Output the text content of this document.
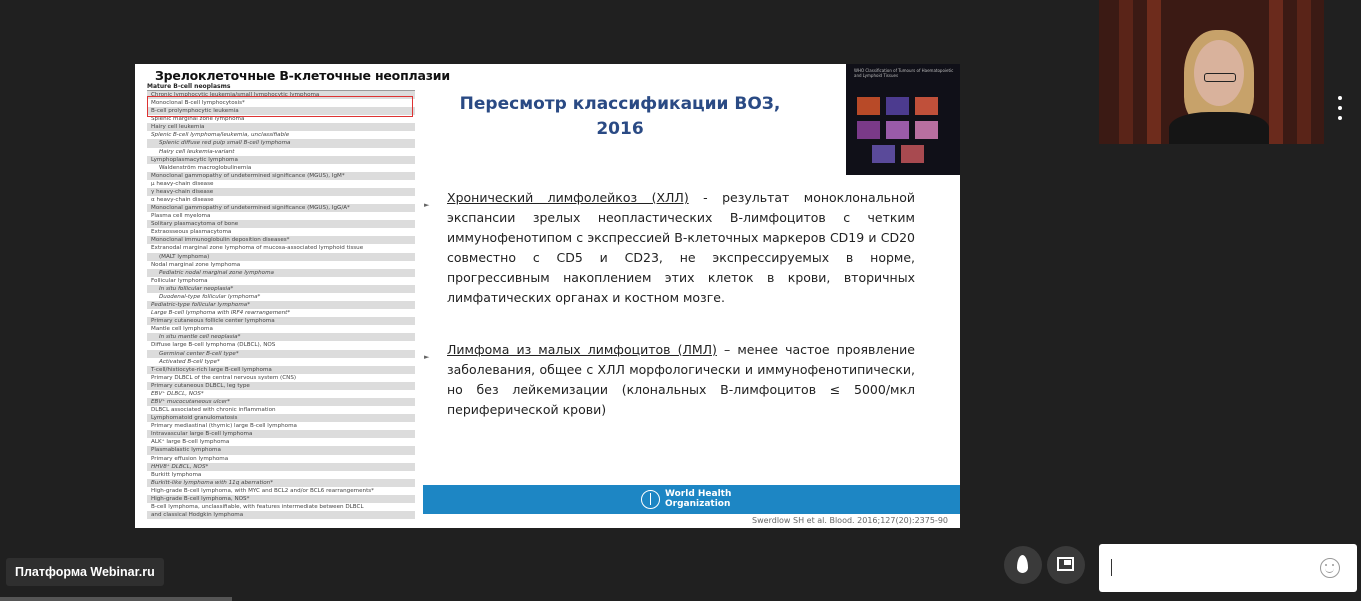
Зрелоклеточные В-клеточные неоплазии
Mature B-cell neoplasms
Chronic lymphocytic leukemia/small lymphocytic lymphoma
Monoclonal B-cell lymphocytosis*
B-cell prolymphocytic leukemia
Splenic marginal zone lymphoma
Hairy cell leukemia
Splenic B-cell lymphoma/leukemia, unclassifiable
Splenic diffuse red pulp small B-cell lymphoma
Hairy cell leukemia-variant
Lymphoplasmacytic lymphoma
Waldenström macroglobulinemia
Monoclonal gammopathy of undetermined significance (MGUS), IgM*
μ heavy-chain disease
γ heavy-chain disease
α heavy-chain disease
Monoclonal gammopathy of undetermined significance (MGUS), IgG/A*
Plasma cell myeloma
Solitary plasmacytoma of bone
Extraosseous plasmacytoma
Monoclonal immunoglobulin deposition diseases*
Extranodal marginal zone lymphoma of mucosa-associated lymphoid tissue
(MALT lymphoma)
Nodal marginal zone lymphoma
Pediatric nodal marginal zone lymphoma
Follicular lymphoma
In situ follicular neoplasia*
Duodenal-type follicular lymphoma*
Pediatric-type follicular lymphoma*
Large B-cell lymphoma with IRF4 rearrangement*
Primary cutaneous follicle center lymphoma
Mantle cell lymphoma
In situ mantle cell neoplasia*
Diffuse large B-cell lymphoma (DLBCL), NOS
Germinal center B-cell type*
Activated B-cell type*
T-cell/histiocyte-rich large B-cell lymphoma
Primary DLBCL of the central nervous system (CNS)
Primary cutaneous DLBCL, leg type
EBV⁺ DLBCL, NOS*
EBV⁺ mucocutaneous ulcer*
DLBCL associated with chronic inflammation
Lymphomatoid granulomatosis
Primary mediastinal (thymic) large B-cell lymphoma
Intravascular large B-cell lymphoma
ALK⁺ large B-cell lymphoma
Plasmablastic lymphoma
Primary effusion lymphoma
HHV8⁺ DLBCL, NOS*
Burkitt lymphoma
Burkitt-like lymphoma with 11q aberration*
High-grade B-cell lymphoma, with MYC and BCL2 and/or BCL6 rearrangements*
High-grade B-cell lymphoma, NOS*
B-cell lymphoma, unclassifiable, with features intermediate between DLBCL
and classical Hodgkin lymphoma
Пересмотр классификации ВОЗ,
2016
WHO Classification of Tumours of Haematopoietic and Lymphoid Tissues
► Хронический лимфолейкоз (ХЛЛ) - результат моноклональной экспансии зрелых неопластических В-лимфоцитов с четким иммунофенотипом с экспрессией В-клеточных маркеров CD19 и CD20 совместно с CD5 и CD23, не экспрессируемых в норме, прогрессивным накоплением этих клеток в крови, вторичных лимфатических органах и костном мозге.
► Лимфома из малых лимфоцитов (ЛМЛ) – менее частое проявление заболевания, общее с ХЛЛ морфологически и иммунофенотипически, но без лейкемизации (клональных В-лимфоцитов ≤ 5000/мкл периферической крови)
World Health
Organization
Swerdlow SH et al. Blood. 2016;127(20):2375-90
Платформа Webinar.ru
